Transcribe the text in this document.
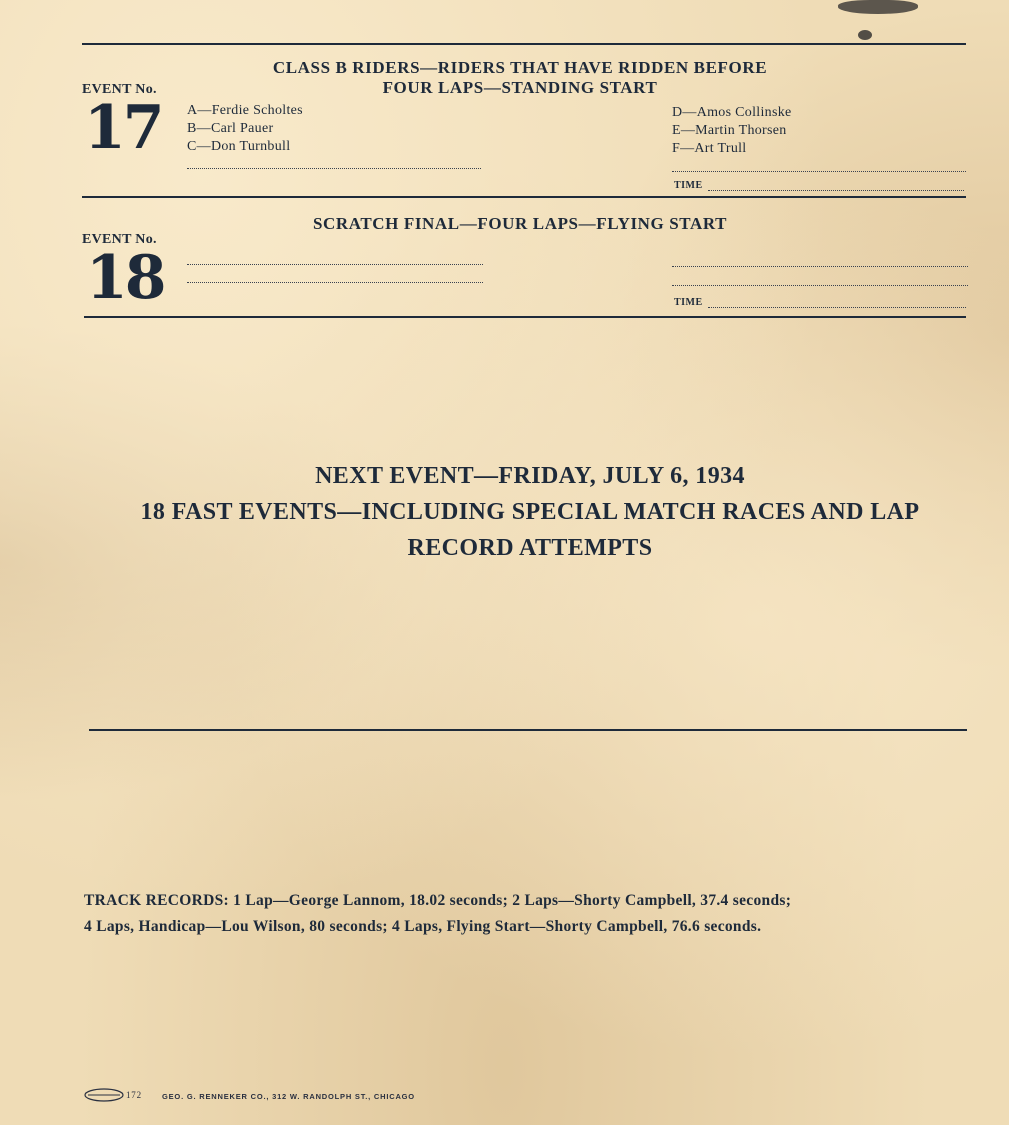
EVENT No.
17
CLASS B RIDERS—RIDERS THAT HAVE RIDDEN BEFORE
FOUR LAPS—STANDING START
A—Ferdie Scholtes
B—Carl Pauer
C—Don Turnbull
D—Amos Collinske
E—Martin Thorsen
F—Art Trull
TIME
EVENT No.
18
SCRATCH FINAL—FOUR LAPS—FLYING START
TIME
NEXT EVENT—FRIDAY, JULY 6, 1934
18 FAST EVENTS—INCLUDING SPECIAL MATCH RACES AND LAP
RECORD ATTEMPTS
TRACK RECORDS: 1 Lap—George Lannom, 18.02 seconds; 2 Laps—Shorty Campbell, 37.4 seconds;
4 Laps, Handicap—Lou Wilson, 80 seconds; 4 Laps, Flying Start—Shorty Campbell, 76.6 seconds.
172	GEO. G. RENNEKER CO., 312 W. RANDOLPH ST., CHICAGO
